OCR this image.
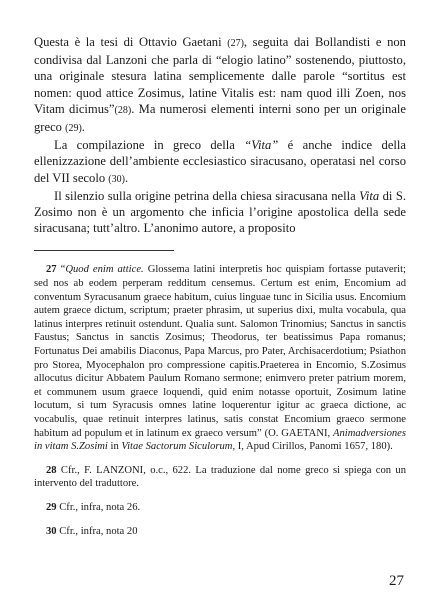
Questa è la tesi di Ottavio Gaetani (27), seguita dai Bollandisti e non condivisa dal Lanzoni che parla di “elogio latino” sostenendo, piuttosto, una originale stesura latina semplicemente dalle parole “sortitus est nomen: quod attice Zosimus, latine Vitalis est: nam quod illi Zoen, nos Vitam dicimus”(28). Ma numerosi elementi interni sono per un originale greco (29).

La compilazione in greco della “Vita” é anche indice della ellenizzazione dell’ambiente ecclesiastico siracusano, operatasi nel corso del VII secolo (30).

Il silenzio sulla origine petrina della chiesa siracusana nella Vita di S. Zosimo non è un argomento che inficia l’origine apostolica della sede siracusana; tutt’altro. L’anonimo autore, a proposito

27 “Quod enim attice. Glossema latini interpretis hoc quispiam fortasse putaverit; sed nos ab eodem perperam redditum censemus. Certum est enim, Encomium ad conventum Syracusanum graece habitum, cuius linguae tunc in Sicilia usus. Encomium autem graece dictum, scriptum; praeter phrasim, ut superius dixi, multa vocabula, qua latinus interpres retinuit ostendunt. Qualia sunt. Salomon Trinomius; Sanctus in sanctis Faustus; Sanctus in sanctis Zosimus; Theodorus, ter beatissimus Papa romanus; Fortunatus Dei amabilis Diaconus, Papa Marcus, pro Pater, Archisacerdotium; Psiathon pro Storea, Myocephalon pro compressione capitis.Praeterea in Encomio, S.Zosimus allocutus dicitur Abbatem Paulum Romano sermone; enimvero preter patrium morem, et communem usum graece loquendi, quid enim notasse oportuit, Zosimum latine locutum, si tum Syracusis omnes latine loquerentur igitur ac graeca dictione, ac vocabulis, quae retinuit interpres latinus, satis constat Encomium graeco sermone habitum ad populum et in latinum ex graeco versum” (O. GAETANI, Animadversiones in vitam S.Zosimi in Vitae Sactorum Siculorum, I, Apud Cirillos, Panomi 1657, 180).

28 Cfr., F. LANZONI, o.c., 622. La traduzione dal nome greco si spiega con un intervento del traduttore.

29 Cfr., infra, nota 26.

30 Cfr., infra, nota 20

27
